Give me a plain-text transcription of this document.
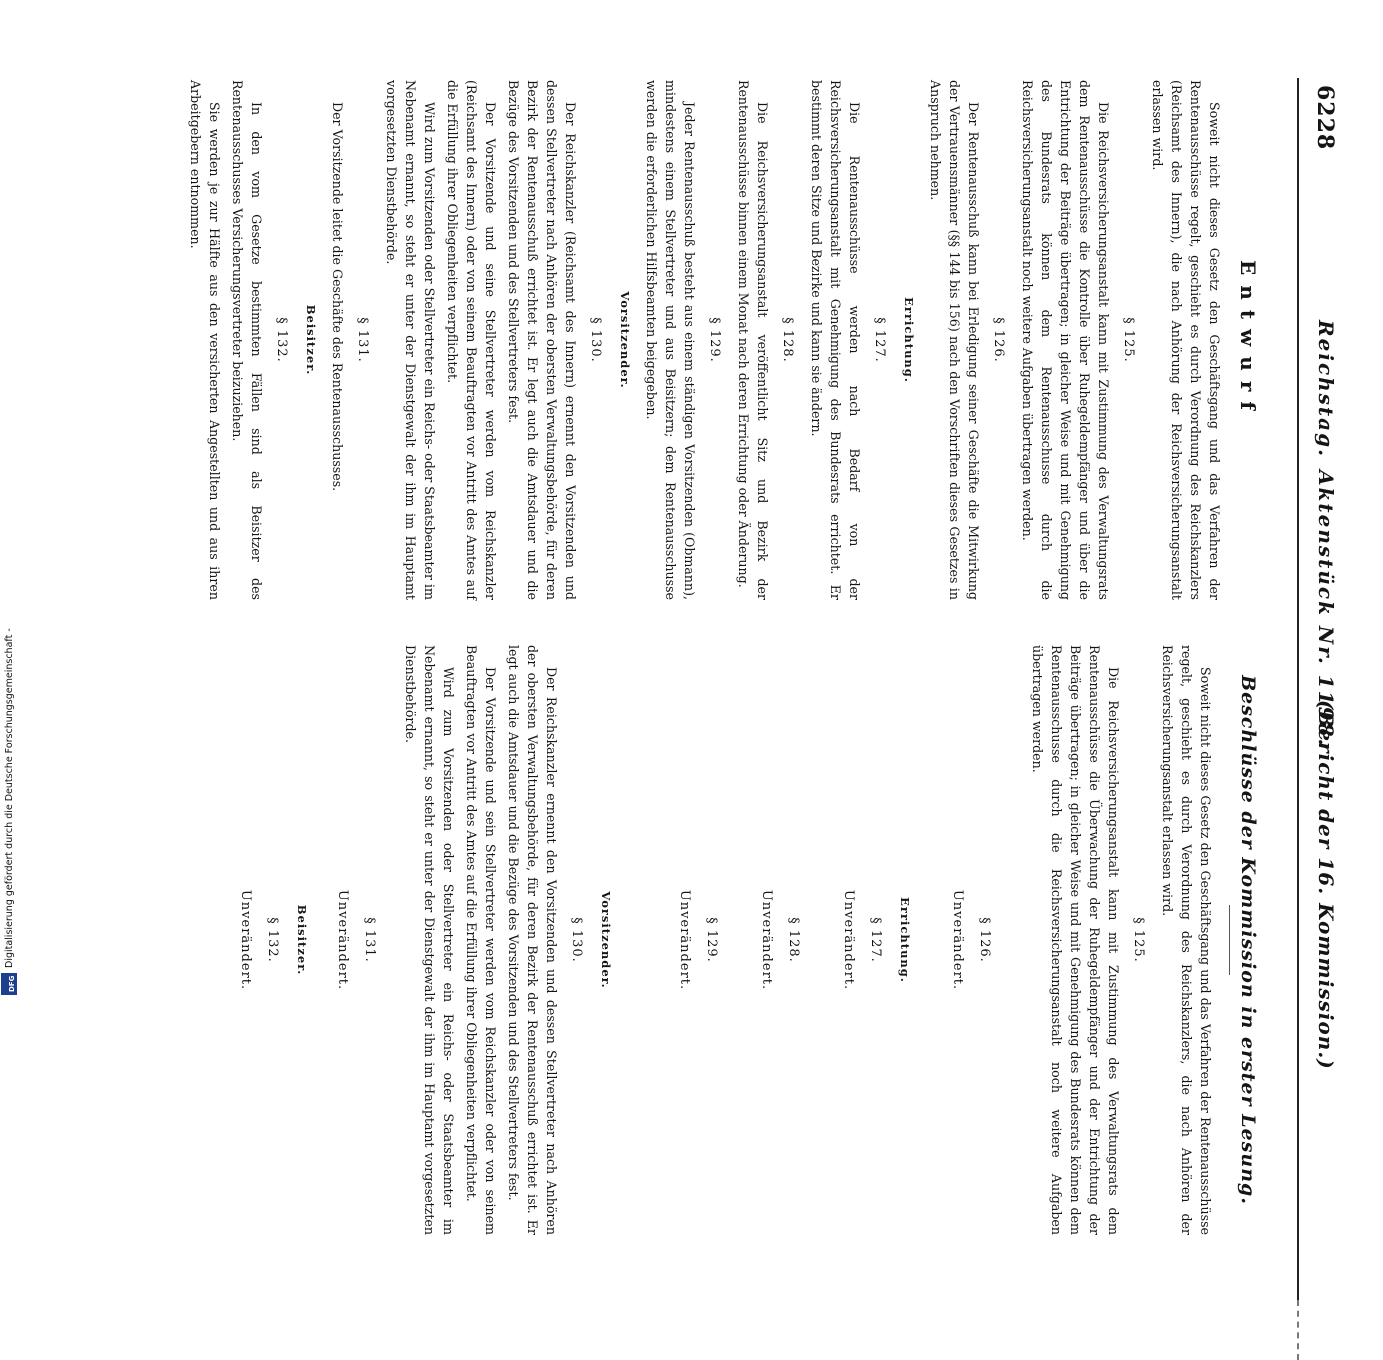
6228
Reichstag.
Aktenstück Nr. 1198.
(Bericht der 16. Kommission.)
Entwurf

Soweit nicht dieses Gesetz den Geschäftsgang und das Verfahren der Rentenausschüsse regelt, geschieht es durch Verordnung des Reichskanzlers (Reichsamt des Innern), die nach Anhörung der Reichsversicherungsanstalt erlassen wird.

§ 125.

Die Reichsversicherungsanstalt kann mit Zustimmung des Verwaltungsrats dem Rentenausschüsse die Kontrolle über Ruhegeldempfänger und über die Entrichtung der Beiträge übertragen; in gleicher Weise und mit Genehmigung des Bundesrats können dem Rentenausschusse durch die Reichsversicherungsanstalt noch weitere Aufgaben übertragen werden.

§ 126.

Der Rentenausschuß kann bei Erledigung seiner Geschäfte die Mitwirkung der Vertrauensmänner (§§ 144 bis 156) nach den Vorschriften dieses Gesetzes in Anspruch nehmen.

Errichtung.
§ 127.

Die Rentenausschüsse werden nach Bedarf von der Reichsversicherungsanstalt mit Genehmigung des Bundesrats errichtet. Er bestimmt deren Sitze und Bezirke und kann sie ändern.

§ 128.

Die Reichsversicherungsanstalt veröffentlicht Sitz und Bezirk der Rentenausschüsse binnen einem Monat nach deren Errichtung oder Änderung.

§ 129.

Jeder Rentenausschuß besteht aus einem ständigen Vorsitzenden (Obmann), mindestens einem Stellvertreter und aus Beisitzern; dem Rentenausschusse werden die erforderlichen Hilfsbeamten beigegeben.

Vorsitzender.
§ 130.

Der Reichskanzler (Reichsamt des Innern) ernennt den Vorsitzenden und dessen Stellvertreter nach Anhören der obersten Verwaltungsbehörde, für deren Bezirk der Rentenausschuß errichtet ist. Er legt auch die Amtsdauer und die Bezüge des Vorsitzenden und des Stellvertreters fest.

Der Vorsitzende und seine Stellvertreter werden vom Reichskanzler (Reichsamt des Innern) oder von seinem Beauftragten vor Antritt des Amtes auf die Erfüllung ihrer Obliegenheiten verpflichtet.

Wird zum Vorsitzenden oder Stellvertreter ein Reichs- oder Staatsbeamter im Nebenamt ernannt, so steht er unter der Dienstgewalt der ihm im Hauptamt vorgesetzten Dienstbehörde.

§ 131.

Der Vorsitzende leitet die Geschäfte des Rentenausschusses.

Beisitzer.
§ 132.

In den vom Gesetze bestimmten Fällen sind als Beisitzer des Rentenausschusses Versicherungsvertreter beizuziehen.

Sie werden je zur Hälfte aus den versicherten Angestellten und aus ihren Arbeitgebern entnommen.

Beschlüsse der Kommission in erster Lesung.

Soweit nicht dieses Gesetz den Geschäftsgang und das Verfahren der Rentenausschüsse regelt, geschieht es durch Verordnung des Reichskanzlers, die nach Anhören der Reichsversicherungsanstalt erlassen wird.

§ 125.

Die Reichsversicherungsanstalt kann mit Zustimmung des Verwaltungsrats dem Rentenausschüsse die Überwachung der Ruhegeldempfänger und der Entrichtung der Beiträge übertragen; in gleicher Weise und mit Genehmigung des Bundesrats können dem Rentenausschusse durch die Reichsversicherungsanstalt noch weitere Aufgaben übertragen werden.

§ 126.
Unverändert.
Errichtung.
§ 127.
Unverändert.
§ 128.
Unverändert.
§ 129.
Unverändert.
Vorsitzender.
§ 130.

Der Reichskanzler ernennt den Vorsitzenden und dessen Stellvertreter nach Anhören der obersten Verwaltungsbehörde, für deren Bezirk der Rentenausschuß errichtet ist. Er legt auch die Amtsdauer und die Bezüge des Vorsitzenden und des Stellvertreters fest.

Der Vorsitzende und sein Stellvertreter werden vom Reichskanzler oder von seinem Beauftragten vor Antritt des Amtes auf die Erfüllung ihrer Obliegenheiten verpflichtet.

Wird zum Vorsitzenden oder Stellvertreter ein Reichs- oder Staatsbeamter im Nebenamt ernannt, so steht er unter der Dienstgewalt der ihm im Hauptamt vorgesetzten Dienstbehörde.

§ 131.
Unverändert.
Beisitzer.
§ 132.
Unverändert.
Digitalisierung gefördert durch die Deutsche Forschungsgemeinschaft -
DFG
